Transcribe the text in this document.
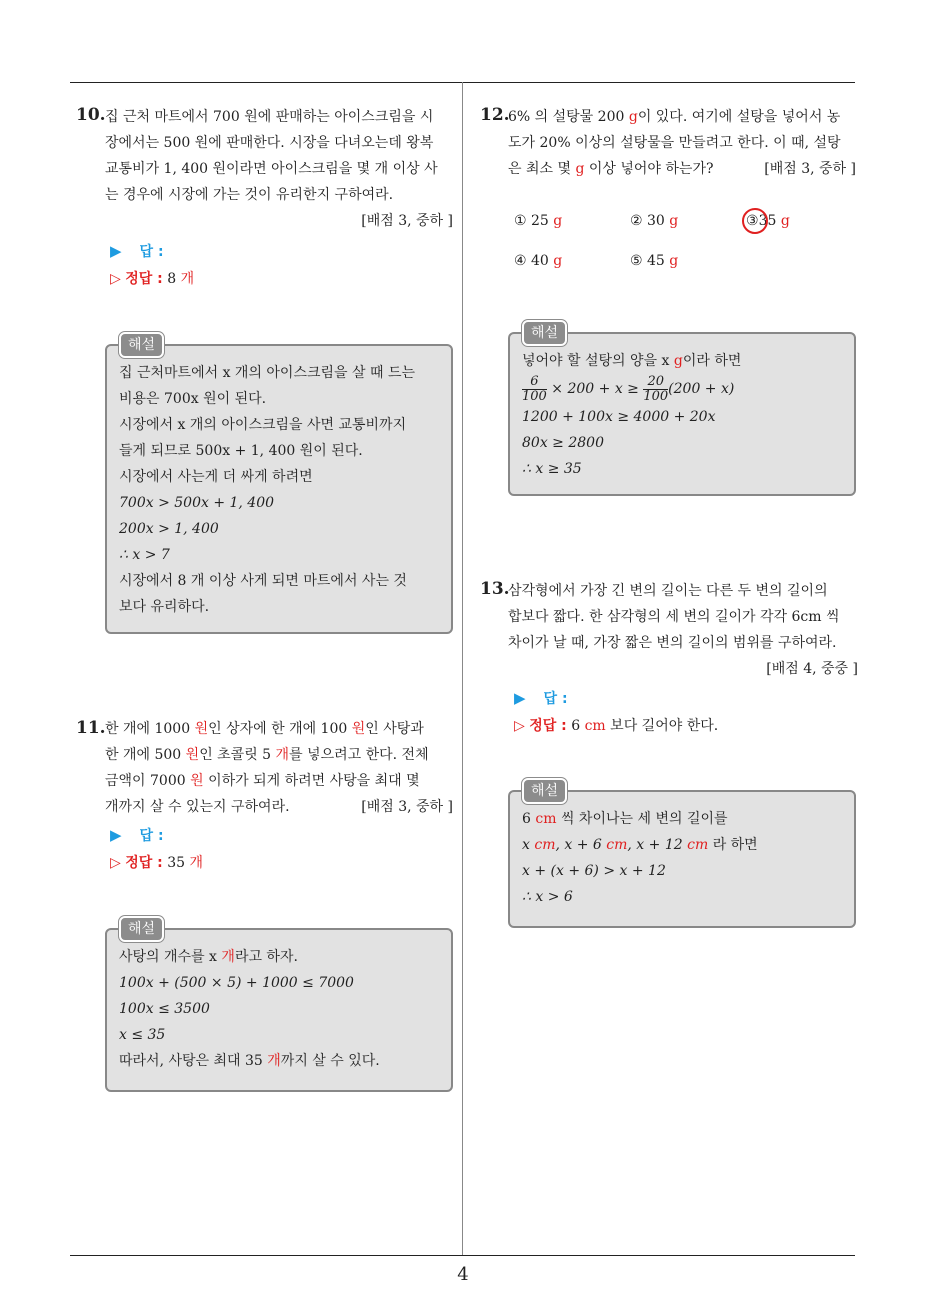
10. 집 근처 마트에서 700 원에 판매하는 아이스크림을 시

장에서는 500 원에 판매한다. 시장을 다녀오는데 왕복

교통비가 1, 400 원이라면 아이스크림을 몇 개 이상 사

는 경우에 시장에 가는 것이 유리한지 구하여라.

[배점 3, 중하 ]

▶ 답 :
▷ 정답 : 8 개
해설

집 근처마트에서 x 개의 아이스크림을 살 때 드는

비용은 700x 원이 된다.

시장에서 x 개의 아이스크림을 사면 교통비까지

들게 되므로 500x + 1, 400 원이 된다.

시장에서 사는게 더 싸게 하려면

700x > 500x + 1, 400

200x > 1, 400

∴ x > 7

시장에서 8 개 이상 사게 되면 마트에서 사는 것

보다 유리하다.

11. 한 개에 1000 원인 상자에 한 개에 100 원인 사탕과

한 개에 500 원인 초콜릿 5 개를 넣으려고 한다. 전체

금액이 7000 원 이하가 되게 하려면 사탕을 최대 몇

개까지 살 수 있는지 구하여라.	[배점 3, 중하 ]

▶ 답 :
▷ 정답 : 35 개
해설

사탕의 개수를 x 개라고 하자.

100x + (500 × 5) + 1000 ≤ 7000

100x ≤ 3500

x ≤ 35

따라서, 사탕은 최대 35 개까지 살 수 있다.

12.

6% 의 설탕물 200 g이 있다. 여기에 설탕을 넣어서 농

도가 20% 이상의 설탕물을 만들려고 한다. 이 때, 설탕

은 최소 몇 g 이상 넣어야 하는가?	[배점 3, 중하 ]

① 25 g	② 30 g	③35 g
④ 40 g	⑤ 45 g
해설

넣어야 할 설탕의 양을 x g이라 하면

$\frac{6}{100} \times 200 + x \ge \frac{20}{100} (200 + x)$

1200 + 100x ≥ 4000 + 20x

80x ≥ 2800

∴ x ≥ 35

13.

삼각형에서 가장 긴 변의 길이는 다른 두 변의 길이의

합보다 짧다. 한 삼각형의 세 변의 길이가 각각 6cm 씩

차이가 날 때, 가장 짧은 변의 길이의 범위를 구하여라.

[배점 4, 중중 ]

▶ 답 :
▷ 정답 : 6 cm 보다 길어야 한다.
해설

6 cm 씩 차이나는 세 변의 길이를

x cm, x + 6 cm, x + 12 cm 라 하면

x + (x + 6) > x + 12

∴ x > 6

4
